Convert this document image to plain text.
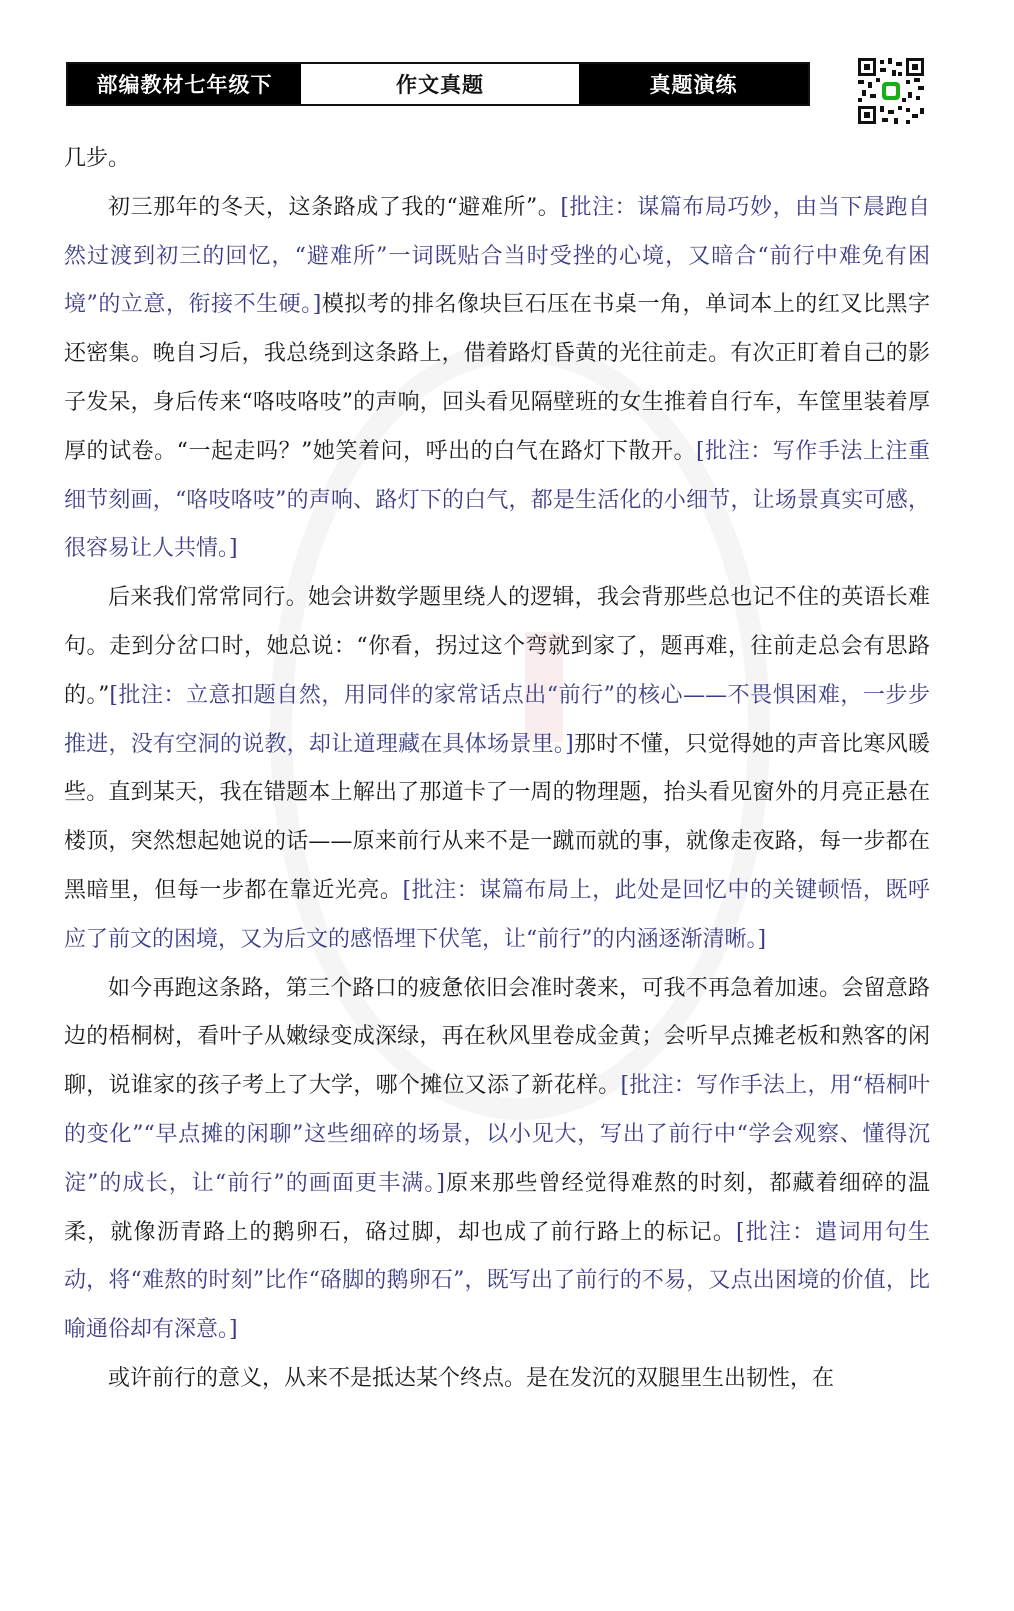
部编教材七年级下	作文真题	真题演练

几步。

初三那年的冬天，这条路成了我的“避难所”。[批注：谋篇布局巧妙，由当下晨跑自然过渡到初三的回忆，“避难所”一词既贴合当时受挫的心境，又暗合“前行中难免有困境”的立意，衔接不生硬。]模拟考的排名像块巨石压在书桌一角，单词本上的红叉比黑字还密集。晚自习后，我总绕到这条路上，借着路灯昏黄的光往前走。有次正盯着自己的影子发呆，身后传来“咯吱咯吱”的声响，回头看见隔壁班的女生推着自行车，车筐里装着厚厚的试卷。“一起走吗？”她笑着问，呼出的白气在路灯下散开。[批注：写作手法上注重细节刻画，“咯吱咯吱”的声响、路灯下的白气，都是生活化的小细节，让场景真实可感，很容易让人共情。]

后来我们常常同行。她会讲数学题里绕人的逻辑，我会背那些总也记不住的英语长难句。走到分岔口时，她总说：“你看，拐过这个弯就到家了，题再难，往前走总会有思路的。”[批注：立意扣题自然，用同伴的家常话点出“前行”的核心——不畏惧困难，一步步推进，没有空洞的说教，却让道理藏在具体场景里。]那时不懂，只觉得她的声音比寒风暖些。直到某天，我在错题本上解出了那道卡了一周的物理题，抬头看见窗外的月亮正悬在楼顶，突然想起她说的话——原来前行从来不是一蹴而就的事，就像走夜路，每一步都在黑暗里，但每一步都在靠近光亮。[批注：谋篇布局上，此处是回忆中的关键顿悟，既呼应了前文的困境，又为后文的感悟埋下伏笔，让“前行”的内涵逐渐清晰。]

如今再跑这条路，第三个路口的疲惫依旧会准时袭来，可我不再急着加速。会留意路边的梧桐树，看叶子从嫩绿变成深绿，再在秋风里卷成金黄；会听早点摊老板和熟客的闲聊，说谁家的孩子考上了大学，哪个摊位又添了新花样。[批注：写作手法上，用“梧桐叶的变化”“早点摊的闲聊”这些细碎的场景，以小见大，写出了前行中“学会观察、懂得沉淀”的成长，让“前行”的画面更丰满。]原来那些曾经觉得难熬的时刻，都藏着细碎的温柔，就像沥青路上的鹅卵石，硌过脚，却也成了前行路上的标记。[批注：遣词用句生动，将“难熬的时刻”比作“硌脚的鹅卵石”，既写出了前行的不易，又点出困境的价值，比喻通俗却有深意。]

或许前行的意义，从来不是抵达某个终点。是在发沉的双腿里生出韧性，在
